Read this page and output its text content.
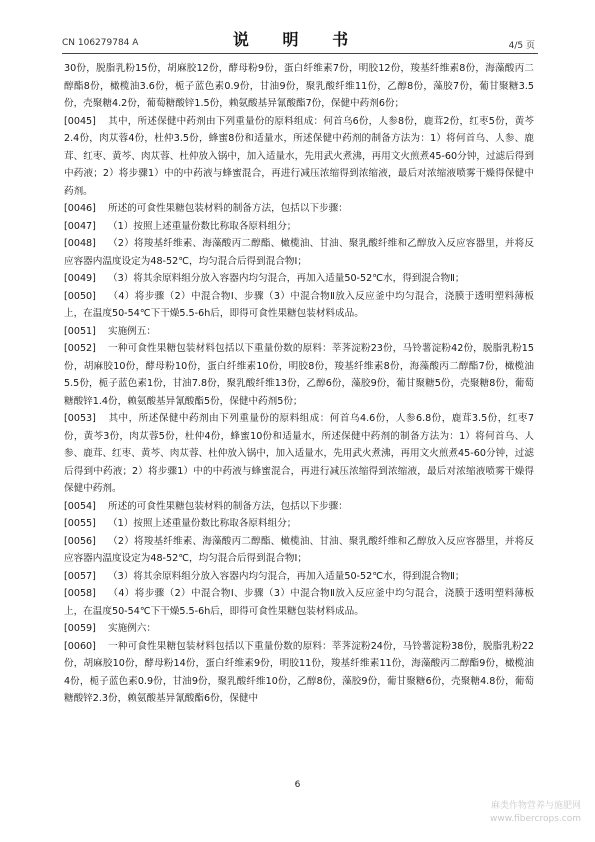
CN 106279784 A	说 明 书	4/5 页

30份，脱脂乳粉15份，胡麻胶12份，酵母粉9份，蛋白纤维素7份，明胶12份，羧基纤维素8份，海藻酸丙二醇酯8份，橄榄油3.6份，栀子蓝色素0.9份，甘油9份，聚乳酸纤维11份，乙醇8份，藻胶7份，葡甘聚糖3.5份，壳聚糖4.2份，葡萄糖酸锌1.5份，赖氨酸基异氰酸酯7份，保健中药剂6份；

[0045] 其中，所述保健中药剂由下列重量份的原料组成：何首乌6份，人参8份，鹿茸2份，红枣5份，黄芩2.4份，肉苁蓉4份，杜仲3.5份，蜂蜜8份和适量水，所述保健中药剂的制备方法为：1）将何首乌、人参、鹿茸、红枣、黄芩、肉苁蓉、杜仲放入锅中，加入适量水，先用武火煮沸，再用文火煎煮45-60分钟，过滤后得到中药液；2）将步骤1）中的中药液与蜂蜜混合，再进行减压浓缩得到浓缩液，最后对浓缩液喷雾干燥得保健中药剂。

[0046] 所述的可食性果糖包装材料的制备方法，包括以下步骤：

[0047] （1）按照上述重量份数比称取各原料组分；

[0048] （2）将羧基纤维素、海藻酸丙二醇酯、橄榄油、甘油、聚乳酸纤维和乙醇放入反应容器里，并将反应容器内温度设定为48-52℃，均匀混合后得到混合物Ⅰ；

[0049] （3）将其余原料组分放入容器内均匀混合，再加入适量50-52℃水，得到混合物Ⅱ；

[0050] （4）将步骤（2）中混合物Ⅰ、步骤（3）中混合物Ⅱ放入反应釜中均匀混合，浇膜于透明塑料薄板上，在温度50-54℃下干燥5.5-6h后，即得可食性果糖包装材料成品。

[0051] 实施例五：

[0052] 一种可食性果糖包装材料包括以下重量份数的原料：莘荠淀粉23份，马铃薯淀粉42份，脱脂乳粉15份，胡麻胶10份，酵母粉10份，蛋白纤维素10份，明胶8份，羧基纤维素8份，海藻酸丙二醇酯7份，橄榄油5.5份，栀子蓝色素1份，甘油7.8份，聚乳酸纤维13份，乙醇6份，藻胶9份，葡甘聚糖5份，壳聚糖8份，葡萄糖酸锌1.4份，赖氨酸基异氰酸酯5份，保健中药剂5份；

[0053] 其中，所述保健中药剂由下列重量份的原料组成：何首乌4.6份，人参6.8份，鹿茸3.5份，红枣7份，黄芩3份，肉苁蓉5份，杜仲4份，蜂蜜10份和适量水，所述保健中药剂的制备方法为：1）将何首乌、人参、鹿茸、红枣、黄芩、肉苁蓉、杜仲放入锅中，加入适量水，先用武火煮沸，再用文火煎煮45-60分钟，过滤后得到中药液；2）将步骤1）中的中药液与蜂蜜混合，再进行减压浓缩得到浓缩液，最后对浓缩液喷雾干燥得保健中药剂。

[0054] 所述的可食性果糖包装材料的制备方法，包括以下步骤：

[0055] （1）按照上述重量份数比称取各原料组分；

[0056] （2）将羧基纤维素、海藻酸丙二醇酯、橄榄油、甘油、聚乳酸纤维和乙醇放入反应容器里，并将反应容器内温度设定为48-52℃，均匀混合后得到混合物Ⅰ；

[0057] （3）将其余原料组分放入容器内均匀混合，再加入适量50-52℃水，得到混合物Ⅱ；

[0058] （4）将步骤（2）中混合物Ⅰ、步骤（3）中混合物Ⅱ放入反应釜中均匀混合，浇膜于透明塑料薄板上，在温度50-54℃下干燥5.5-6h后，即得可食性果糖包装材料成品。

[0059] 实施例六：

[0060] 一种可食性果糖包装材料包括以下重量份数的原料：莘荠淀粉24份，马铃薯淀粉38份，脱脂乳粉22份，胡麻胶10份，酵母粉14份，蛋白纤维素9份，明胶11份，羧基纤维素11份，海藻酸丙二醇酯9份，橄榄油4份，栀子蓝色素0.9份，甘油9份，聚乳酸纤维10份，乙醇8份，藻胶9份，葡甘聚糖6份，壳聚糖4.8份，葡萄糖酸锌2.3份，赖氨酸基异氰酸酯6份，保健中

6
麻类作物营养与施肥网
www.fibercrops.com
